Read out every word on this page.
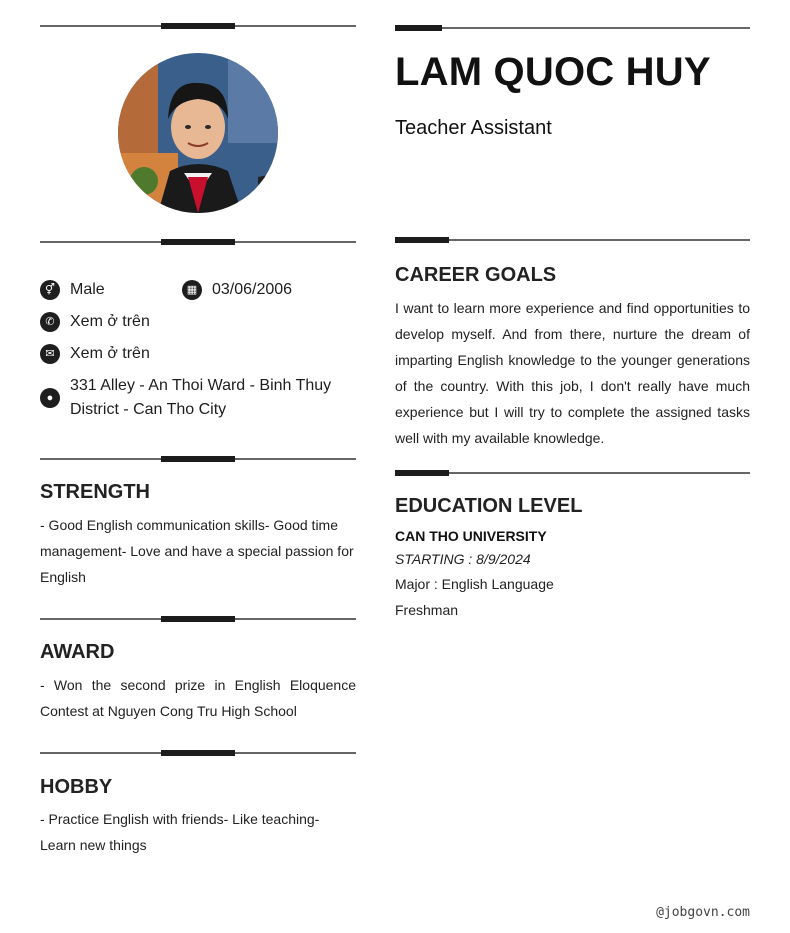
⚥ Male	▦ 03/06/2006
✆ Xem ở trên
✉ Xem ở trên
●
331 Alley - An Thoi Ward - Binh Thuy District - Can Tho City
STRENGTH
- Good English communication skills- Good time management- Love and have a special passion for English
AWARD
- Won the second prize in English Eloquence Contest at Nguyen Cong Tru High School
HOBBY
- Practice English with friends- Like teaching- Learn new things
LAM QUOC HUY
Teacher Assistant
CAREER GOALS
I want to learn more experience and find opportunities to develop myself. And from there, nurture the dream of imparting English knowledge to the younger generations of the country. With this job, I don't really have much experience but I will try to complete the assigned tasks well with my available knowledge.
EDUCATION LEVEL
CAN THO UNIVERSITY
STARTING : 8/9/2024
Major : English Language
Freshman
@jobgovn.com
